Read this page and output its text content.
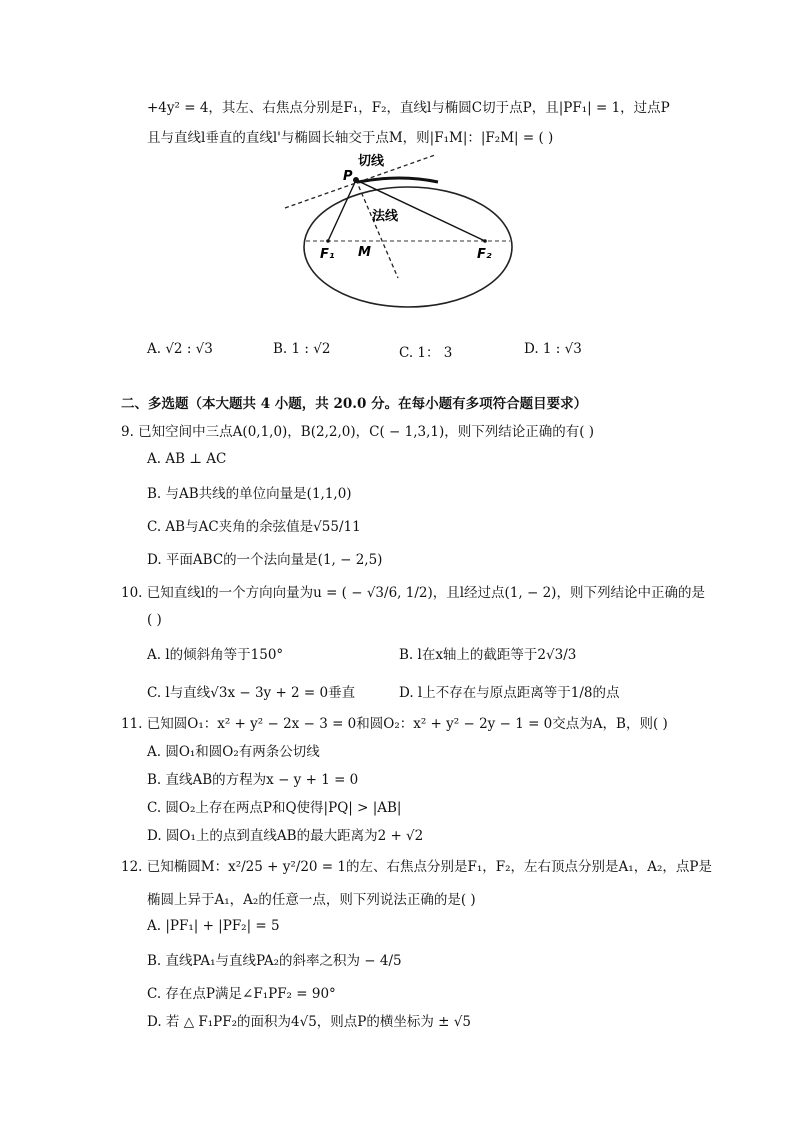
+4y² = 4，其左、右焦点分别是F₁，F₂，直线l与椭圆C切于点P，且|PF₁| = 1，过点P
且与直线l垂直的直线l'与椭圆长轴交于点M，则|F₁M|：|F₂M| = ( )
切线
法线
P
M
F₁	F₂
A. √2 : √3	B. 1 : √2	C. 1： 3	D. 1 : √3
二、多选题（本大题共 4 小题，共 20.0 分。在每小题有多项符合题目要求）
9. 已知空间中三点A(0,1,0)，B(2,2,0)，C( − 1,3,1)，则下列结论正确的有( )
A. AB ⊥ AC
B. 与AB共线的单位向量是(1,1,0)
C. AB与AC夹角的余弦值是√55/11
D. 平面ABC的一个法向量是(1, − 2,5)
10. 已知直线l的一个方向向量为u = ( − √3/6, 1/2)，且l经过点(1, − 2)，则下列结论中正确的是
( )
A. l的倾斜角等于150°	B. l在x轴上的截距等于2√3/3
C. l与直线√3x − 3y + 2 = 0垂直	D. l上不存在与原点距离等于1/8的点
11. 已知圆O₁：x² + y² − 2x − 3 = 0和圆O₂：x² + y² − 2y − 1 = 0交点为A，B，则( )
A. 圆O₁和圆O₂有两条公切线
B. 直线AB的方程为x − y + 1 = 0
C. 圆O₂上存在两点P和Q使得|PQ| > |AB|
D. 圆O₁上的点到直线AB的最大距离为2 + √2
12. 已知椭圆M：x²/25 + y²/20 = 1的左、右焦点分别是F₁，F₂，左右顶点分别是A₁，A₂，点P是
椭圆上异于A₁，A₂的任意一点，则下列说法正确的是( )
A. |PF₁| + |PF₂| = 5
B. 直线PA₁与直线PA₂的斜率之积为 − 4/5
C. 存在点P满足∠F₁PF₂ = 90°
D. 若 △ F₁PF₂的面积为4√5，则点P的横坐标为 ± √5
